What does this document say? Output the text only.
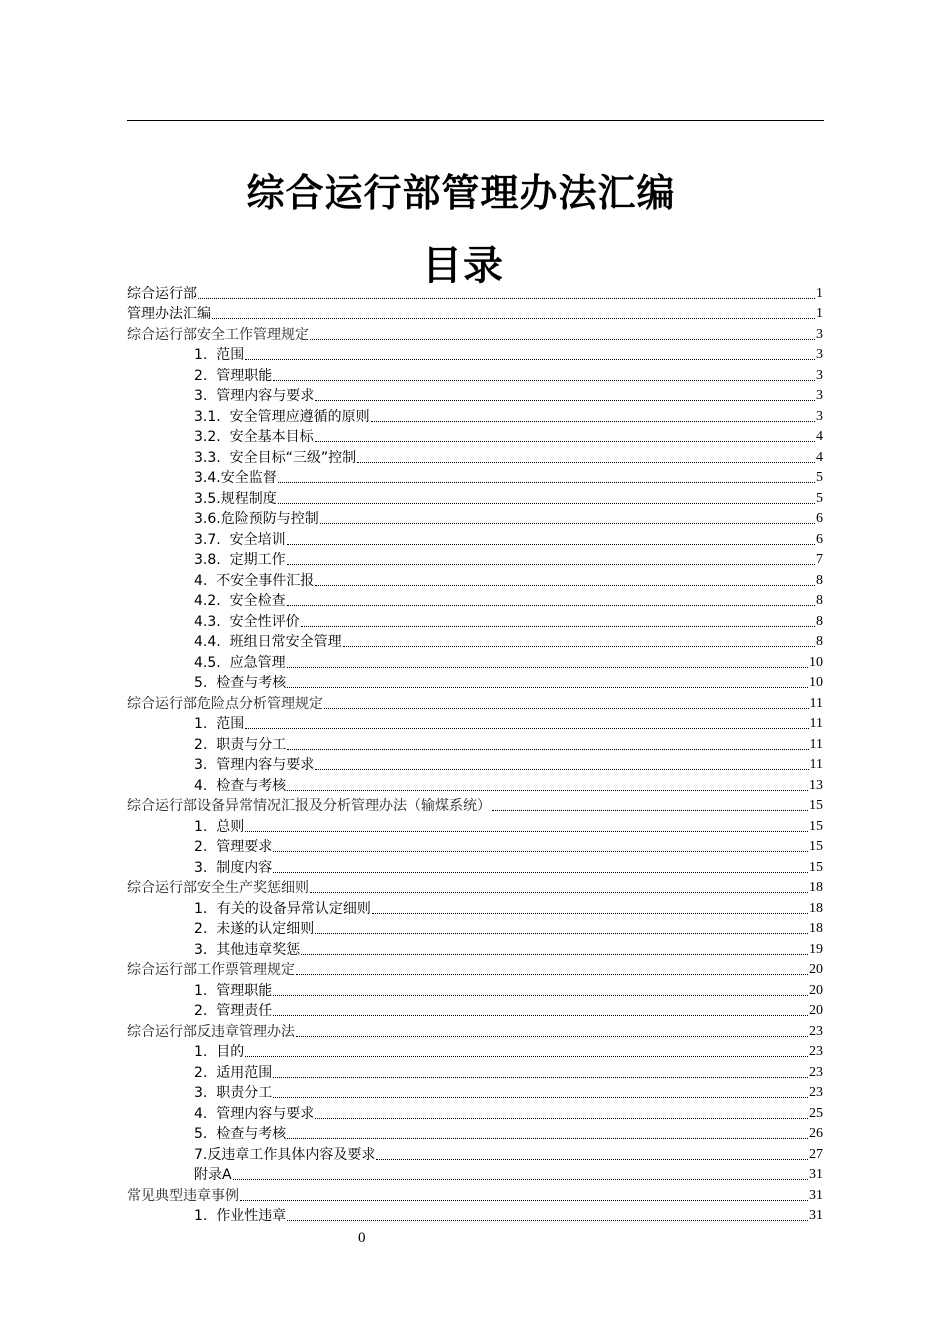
综合运行部管理办法汇编
目录
综合运行部	1
管理办法汇编	1
综合运行部安全工作管理规定	3
1.  范围	3
2.  管理职能	3
3.  管理内容与要求	3
3.1.  安全管理应遵循的原则	3
3.2.  安全基本目标	4
3.3.  安全目标“三级”控制	4
3.4.安全监督	5
3.5.规程制度	5
3.6.危险预防与控制	6
3.7.  安全培训	6
3.8.  定期工作	7
4.  不安全事件汇报	8
4.2.  安全检查	8
4.3.  安全性评价	8
4.4.  班组日常安全管理	8
4.5.  应急管理	10
5.  检查与考核	10
综合运行部危险点分析管理规定	11
1.  范围	11
2.  职责与分工	11
3.  管理内容与要求	11
4.  检查与考核	13
综合运行部设备异常情况汇报及分析管理办法（输煤系统）	15
1.  总则	15
2.  管理要求	15
3.  制度内容	15
综合运行部安全生产奖惩细则	18
1．有关的设备异常认定细则	18
2.  未遂的认定细则	18
3.  其他违章奖惩	19
综合运行部工作票管理规定	20
1.  管理职能	20
2.  管理责任	20
综合运行部反违章管理办法	23
1.  目的	23
2.  适用范围	23
3.  职责分工	23
4.  管理内容与要求	25
5.  检查与考核	26
7.反违章工作具体内容及要求	27
附录A	31
常见典型违章事例	31
1.  作业性违章	31
0
